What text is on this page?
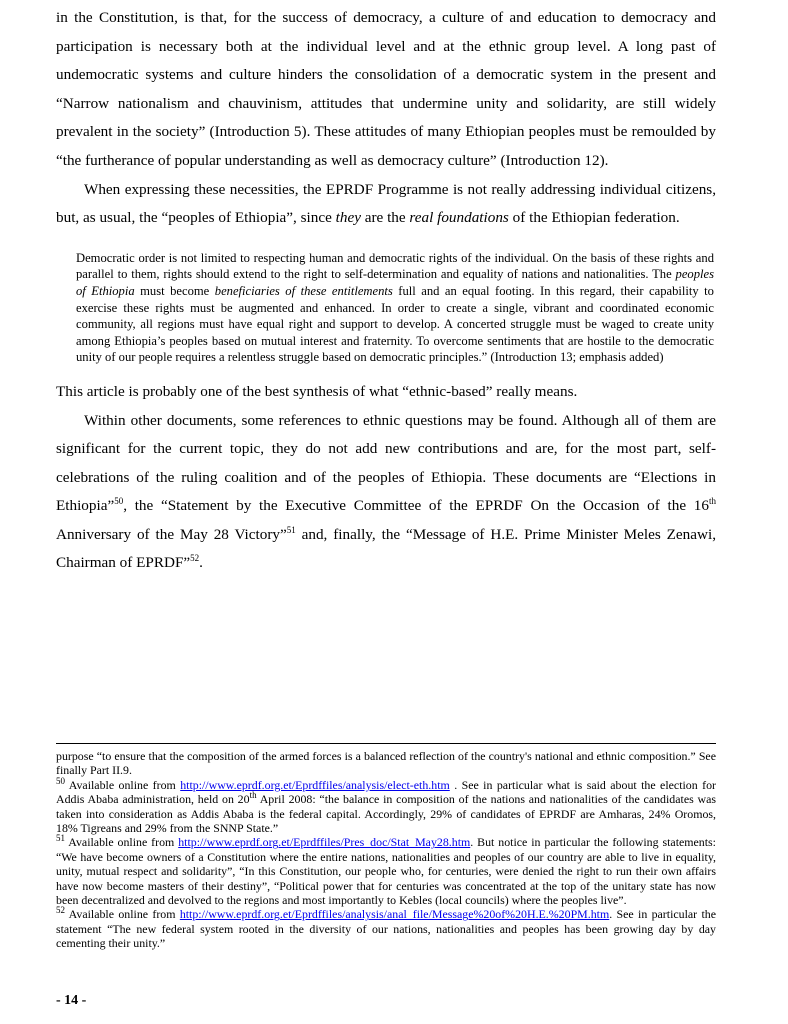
in the Constitution, is that, for the success of democracy, a culture of and education to democracy and participation is necessary both at the individual level and at the ethnic group level. A long past of undemocratic systems and culture hinders the consolidation of a democratic system in the present and “Narrow nationalism and chauvinism, attitudes that undermine unity and solidarity, are still widely prevalent in the society” (Introduction 5). These attitudes of many Ethiopian peoples must be remoulded by “the furtherance of popular understanding as well as democracy culture” (Introduction 12).

When expressing these necessities, the EPRDF Programme is not really addressing individual citizens, but, as usual, the “peoples of Ethiopia”, since they are the real foundations of the Ethiopian federation.

Democratic order is not limited to respecting human and democratic rights of the individual. On the basis of these rights and parallel to them, rights should extend to the right to self-determination and equality of nations and nationalities. The peoples of Ethiopia must become beneficiaries of these entitlements full and an equal footing. In this regard, their capability to exercise these rights must be augmented and enhanced. In order to create a single, vibrant and coordinated economic community, all regions must have equal right and support to develop. A concerted struggle must be waged to create unity among Ethiopia’s peoples based on mutual interest and fraternity. To overcome sentiments that are hostile to the democratic unity of our people requires a relentless struggle based on democratic principles.” (Introduction 13; emphasis added)

This article is probably one of the best synthesis of what “ethnic-based” really means.

Within other documents, some references to ethnic questions may be found. Although all of them are significant for the current topic, they do not add new contributions and are, for the most part, self-celebrations of the ruling coalition and of the peoples of Ethiopia. These documents are “Elections in Ethiopia”$^{50}$, the “Statement by the Executive Committee of the EPRDF On the Occasion of the 16th Anniversary of the May 28 Victory”$^{51}$ and, finally, the “Message of H.E. Prime Minister Meles Zenawi, Chairman of EPRDF”$^{52}$.

purpose “to ensure that the composition of the armed forces is a balanced reflection of the country's national and ethnic composition.” See finally Part II.9.

$^{50}$ Available online from http://www.eprdf.org.et/Eprdffiles/analysis/elect-eth.htm . See in particular what is said about the election for Addis Ababa administration, held on 20th April 2008: “the balance in composition of the nations and nationalities of the candidates was taken into consideration as Addis Ababa is the federal capital. Accordingly, 29% of candidates of EPRDF are Amharas, 24% Oromos, 18% Tigreans and 29% from the SNNP State.”

$^{51}$ Available online from http://www.eprdf.org.et/Eprdffiles/Pres_doc/Stat_May28.htm. But notice in particular the following statements: “We have become owners of a Constitution where the entire nations, nationalities and peoples of our country are able to live in equality, unity, mutual respect and solidarity”, “In this Constitution, our people who, for centuries, were denied the right to run their own affairs have now become masters of their destiny”, “Political power that for centuries was concentrated at the top of the unitary state has now been decentralized and devolved to the regions and most importantly to Kebles (local councils) where the peoples live”.

$^{52}$ Available online from http://www.eprdf.org.et/Eprdffiles/analysis/anal_file/Message%20of%20H.E.%20PM.htm. See in particular the statement “The new federal system rooted in the diversity of our nations, nationalities and peoples has been growing day by day cementing their unity.”

- 14 -
